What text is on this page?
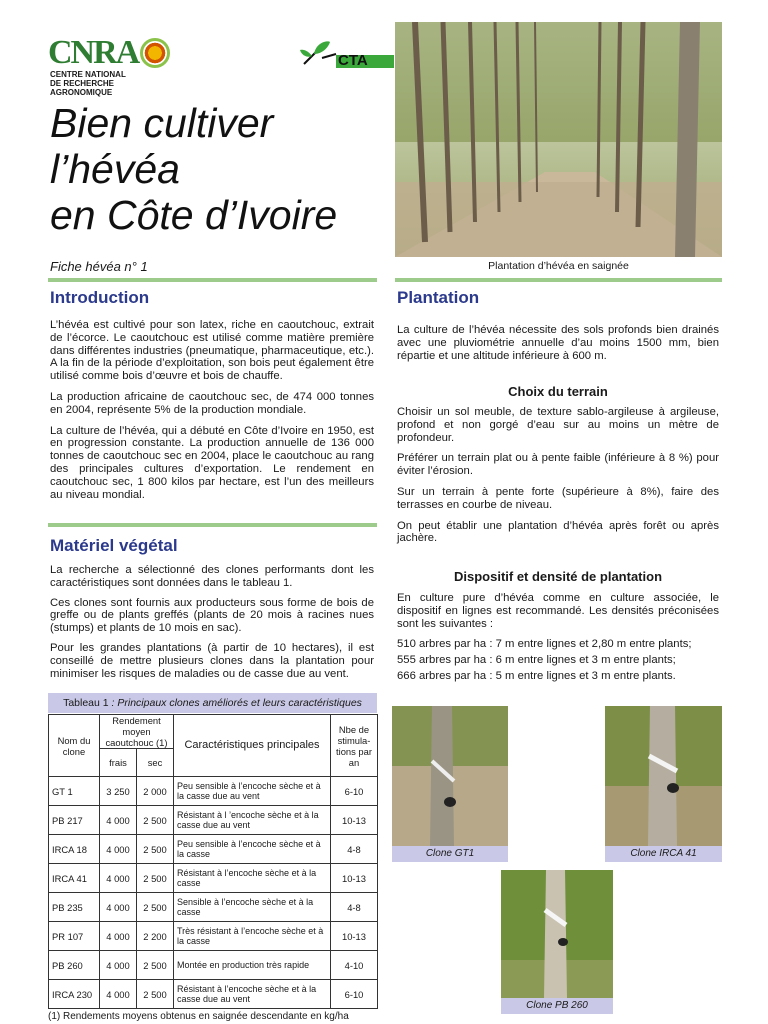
CNRA
CENTRE NATIONAL
DE RECHERCHE AGRONOMIQUE
CTA
Bien cultiver
l’hévéa
en Côte d’Ivoire
Fiche hévéa n° 1	Plantation d’hévéa en saignée
Introduction

L’hévéa est cultivé pour son latex, riche en caoutchouc, extrait de l’écorce. Le caoutchouc est utilisé comme matière première dans différentes industries (pneumatique, pharmaceutique, etc.). A la fin de la période d’exploitation, son bois peut également être utilisé comme bois d’œuvre et bois de chauffe.

La production africaine de caoutchouc sec, de 474 000 tonnes en 2004, représente 5% de la production mondiale.

La culture de l’hévéa, qui a débuté en Côte d’Ivoire en 1950, est en progression constante. La production annuelle de 136 000 tonnes de caoutchouc sec en 2004, place le caoutchouc au rang des principales cultures d’exportation. Le rendement en caoutchouc sec, 1 800 kilos par hectare, est l’un des meilleurs au niveau mondial.

Matériel végétal

La recherche a sélectionné des clones performants dont les caractéristiques sont données dans le tableau 1.

Ces clones sont fournis aux producteurs sous forme de bois de greffe ou de plants greffés (plants de 20 mois à racines nues (stumps) et plants de 10 mois en sac).

Pour les grandes plantations (à partir de 10 hectares), il est conseillé de mettre plusieurs clones dans la plantation pour minimiser les risques de maladies ou de casse due au vent.

Tableau 1 : Principaux clones améliorés et leurs caractéristiques
Nom du clone	Rendement moyen caoutchouc (1)		Caractéristiques principales	Nbe de stimula-tions par an
	frais	sec		
GT 1	3 250	2 000	Peu sensible à l’encoche sèche et à la casse due au vent	6-10
PB 217	4 000	2 500	Résistant à l ’encoche sèche et à la casse due au vent	10-13
IRCA 18	4 000	2 500	Peu sensible à l’encoche sèche et à la casse	4-8
IRCA 41	4 000	2 500	Résistant à l’encoche sèche et à la casse	10-13
PB 235	4 000	2 500	Sensible à l’encoche sèche et à la casse	4-8
PR 107	4 000	2 200	Très résistant à l’encoche sèche et à la casse	10-13
PB 260	4 000	2 500	Montée en production très rapide	4-10
IRCA 230	4 000	2 500	Résistant à l’encoche sèche et à la casse due au vent	6-10
(1) Rendements moyens obtenus en saignée descendante en kg/ha
Plantation

La culture de l’hévéa nécessite des sols profonds bien drainés avec une pluviométrie annuelle d’au moins 1500 mm, bien répartie et une altitude inférieure à 600 m.

Choix du terrain

Choisir un sol meuble, de texture sablo-argileuse à argileuse, profond et non gorgé d’eau sur au moins un mètre de profondeur.

Préférer un terrain plat ou à pente faible (inférieure à 8 %) pour éviter l’érosion.

Sur un terrain à pente forte (supérieure à 8%), faire des terrasses en courbe de niveau.

On peut établir une plantation d’hévéa après forêt ou après jachère.

Dispositif et densité de plantation

En culture pure d’hévéa comme en culture associée, le dispositif en lignes est recommandé. Les densités préconisées sont les suivantes :

510 arbres par ha : 7 m entre lignes et 2,80 m entre plants;
555 arbres par ha : 6 m entre lignes et 3 m entre plants;
666 arbres par ha : 5 m entre lignes et 3 m entre plants.
Clone GT1	Clone IRCA 41
Clone PB 260
